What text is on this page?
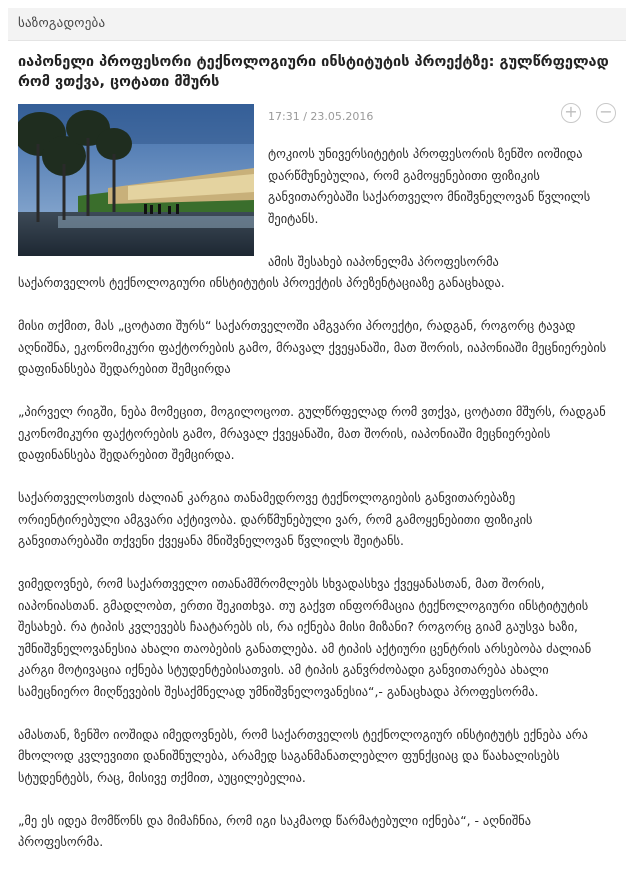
საზოგადოება
იაპონელი პროფესორი ტექნოლოგიური ინსტიტუტის პროექტზე: გულწრფელად რომ ვთქვა, ცოტათი მშურს
17:31 / 23.05.2016	+ −

ტოკიოს უნივერსიტეტის პროფესორის ზენშო იოშიდა დარწმუნებულია, რომ გამოყენებითი ფიზიკის განვითარებაში საქართველო მნიშვნელოვან წვლილს შეიტანს.

ამის შესახებ იაპონელმა პროფესორმა

საქართველოს ტექნოლოგიური ინსტიტუტის პროექტის პრეზენტაციაზე განაცხადა.

მისი თქმით, მას „ცოტათი შურს“ საქართველოში ამგვარი პროექტი, რადგან, როგორც ტავად აღნიშნა, ეკონომიკური ფაქტორების გამო, მრავალ ქვეყანაში, მათ შორის, იაპონიაში მეცნიერების დაფინანსება შედარებით შემცირდა

„პირველ რიგში, ნება მომეცით, მოგილოცოთ. გულწრფელად რომ ვთქვა, ცოტათი მშურს, რადგან ეკონომიკური ფაქტორების გამო, მრავალ ქვეყანაში, მათ შორის, იაპონიაში მეცნიერების დაფინანსება შედარებით შემცირდა.

საქართველოსთვის ძალიან კარგია თანამედროვე ტექნოლოგიების განვითარებაზე ორიენტირებული ამგვარი აქტივობა. დარწმუნებული ვარ, რომ გამოყენებითი ფიზიკის განვითარებაში თქვენი ქვეყანა მნიშვნელოვან წვლილს შეიტანს.

ვიმედოვნებ, რომ საქართველო ითანამშრომლებს სხვადასხვა ქვეყანასთან, მათ შორის, იაპონიასთან. გმადლობთ, ერთი შეკითხვა. თუ გაქვთ ინფორმაცია ტექნოლოგიური ინსტიტუტის შესახებ. რა ტიპის კვლევებს ჩაატარებს ის, რა იქნება მისი მიზანი? როგორც გიამ გაუსვა ხაზი, უმნიშვნელოვანესია ახალი თაობების განათლება. ამ ტიპის აქტიური ცენტრის არსებობა ძალიან კარგი მოტივაცია იქნება სტუდენტებისათვის. ამ ტიპის განვრძობადი განვითარება ახალი სამეცნიერო მიღწევების შესაქმნელად უმნიშვნელოვანესია“,- განაცხადა პროფესორმა.

ამასთან, ზენშო იოშიდა იმედოვნებს, რომ საქართველოს ტექნოლოგიურ ინსტიტუტს ექნება არა მხოლოდ კვლევითი დანიშნულება, არამედ საგანმანათლებლო ფუნქციაც და წაახალისებს სტუდენტებს, რაც, მისივე თქმით, აუცილებელია.

„მე ეს იდეა მომწონს და მიმაჩნია, რომ იგი საკმაოდ წარმატებული იქნება“, - აღნიშნა პროფესორმა.
